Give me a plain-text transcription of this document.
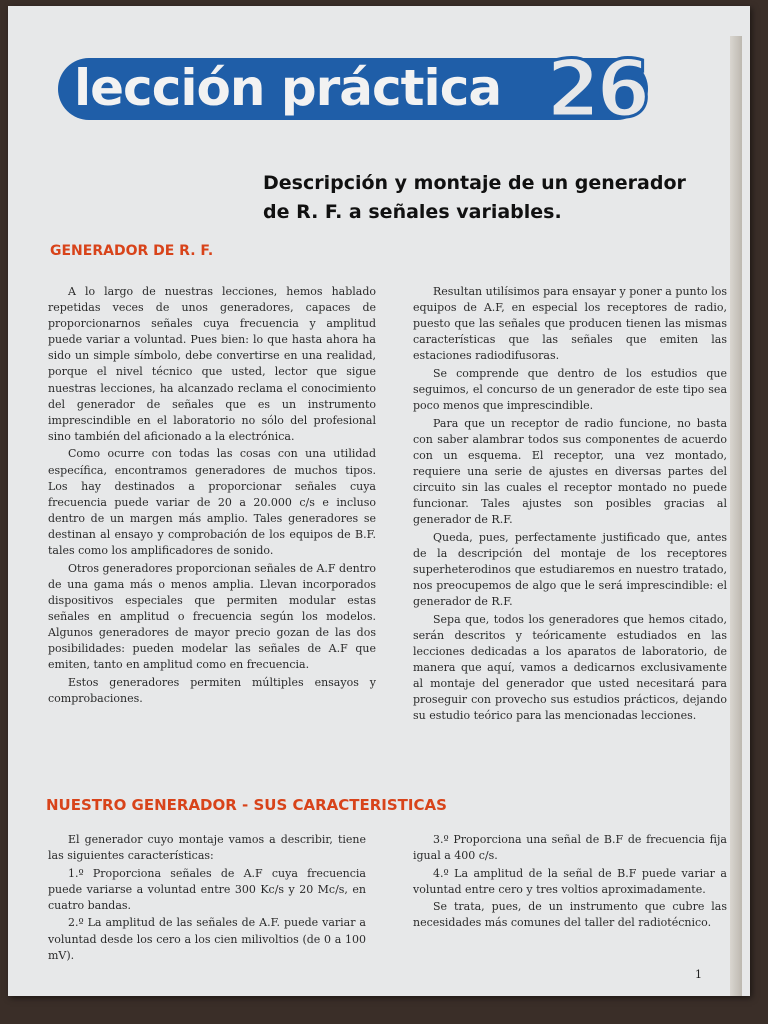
lección práctica 26
Descripción y montaje de un generador de R. F. a señales variables.
GENERADOR DE R. F.

A lo largo de nuestras lecciones, hemos hablado repetidas veces de unos generadores, capaces de proporcionarnos señales cuya frecuencia y amplitud puede variar a voluntad. Pues bien: lo que hasta ahora ha sido un simple símbolo, debe convertirse en una realidad, porque el nivel técnico que usted, lector que sigue nuestras lecciones, ha alcanzado reclama el conocimiento del generador de señales que es un instrumento imprescindible en el laboratorio no sólo del profesional sino también del aficionado a la electrónica.

Como ocurre con todas las cosas con una utilidad específica, encontramos generadores de muchos tipos. Los hay destinados a proporcionar señales cuya frecuencia puede variar de 20 a 20.000 c/s e incluso dentro de un margen más amplio. Tales generadores se destinan al ensayo y comprobación de los equipos de B.F. tales como los amplificadores de sonido.

Otros generadores proporcionan señales de A.F dentro de una gama más o menos amplia. Llevan incorporados dispositivos especiales que permiten modular estas señales en amplitud o frecuencia según los modelos. Algunos generadores de mayor precio gozan de las dos posibilidades: pueden modelar las señales de A.F que emiten, tanto en amplitud como en frecuencia.

Estos generadores permiten múltiples ensayos y comprobaciones.

Resultan utilísimos para ensayar y poner a punto los equipos de A.F, en especial los receptores de radio, puesto que las señales que producen tienen las mismas características que las señales que emiten las estaciones radiodifusoras.

Se comprende que dentro de los estudios que seguimos, el concurso de un generador de este tipo sea poco menos que imprescindible.

Para que un receptor de radio funcione, no basta con saber alambrar todos sus componentes de acuerdo con un esquema. El receptor, una vez montado, requiere una serie de ajustes en diversas partes del circuito sin las cuales el receptor montado no puede funcionar. Tales ajustes son posibles gracias al generador de R.F.

Queda, pues, perfectamente justificado que, antes de la descripción del montaje de los receptores superheterodinos que estudiaremos en nuestro tratado, nos preocupemos de algo que le será imprescindible: el generador de R.F.

Sepa que, todos los generadores que hemos citado, serán descritos y teóricamente estudiados en las lecciones dedicadas a los aparatos de laboratorio, de manera que aquí, vamos a dedicarnos exclusivamente al montaje del generador que usted necesitará para proseguir con provecho sus estudios prácticos, dejando su estudio teórico para las mencionadas lecciones.

NUESTRO GENERADOR - SUS CARACTERISTICAS

El generador cuyo montaje vamos a describir, tiene las siguientes características:

1.º Proporciona señales de A.F cuya frecuencia puede variarse a voluntad entre 300 Kc/s y 20 Mc/s, en cuatro bandas.

2.º La amplitud de las señales de A.F. puede variar a voluntad desde los cero a los cien milivoltios (de 0 a 100 mV).

3.º Proporciona una señal de B.F de frecuencia fija igual a 400 c/s.

4.º La amplitud de la señal de B.F puede variar a voluntad entre cero y tres voltios aproximadamente.

Se trata, pues, de un instrumento que cubre las necesidades más comunes del taller del radiotécnico.

1
